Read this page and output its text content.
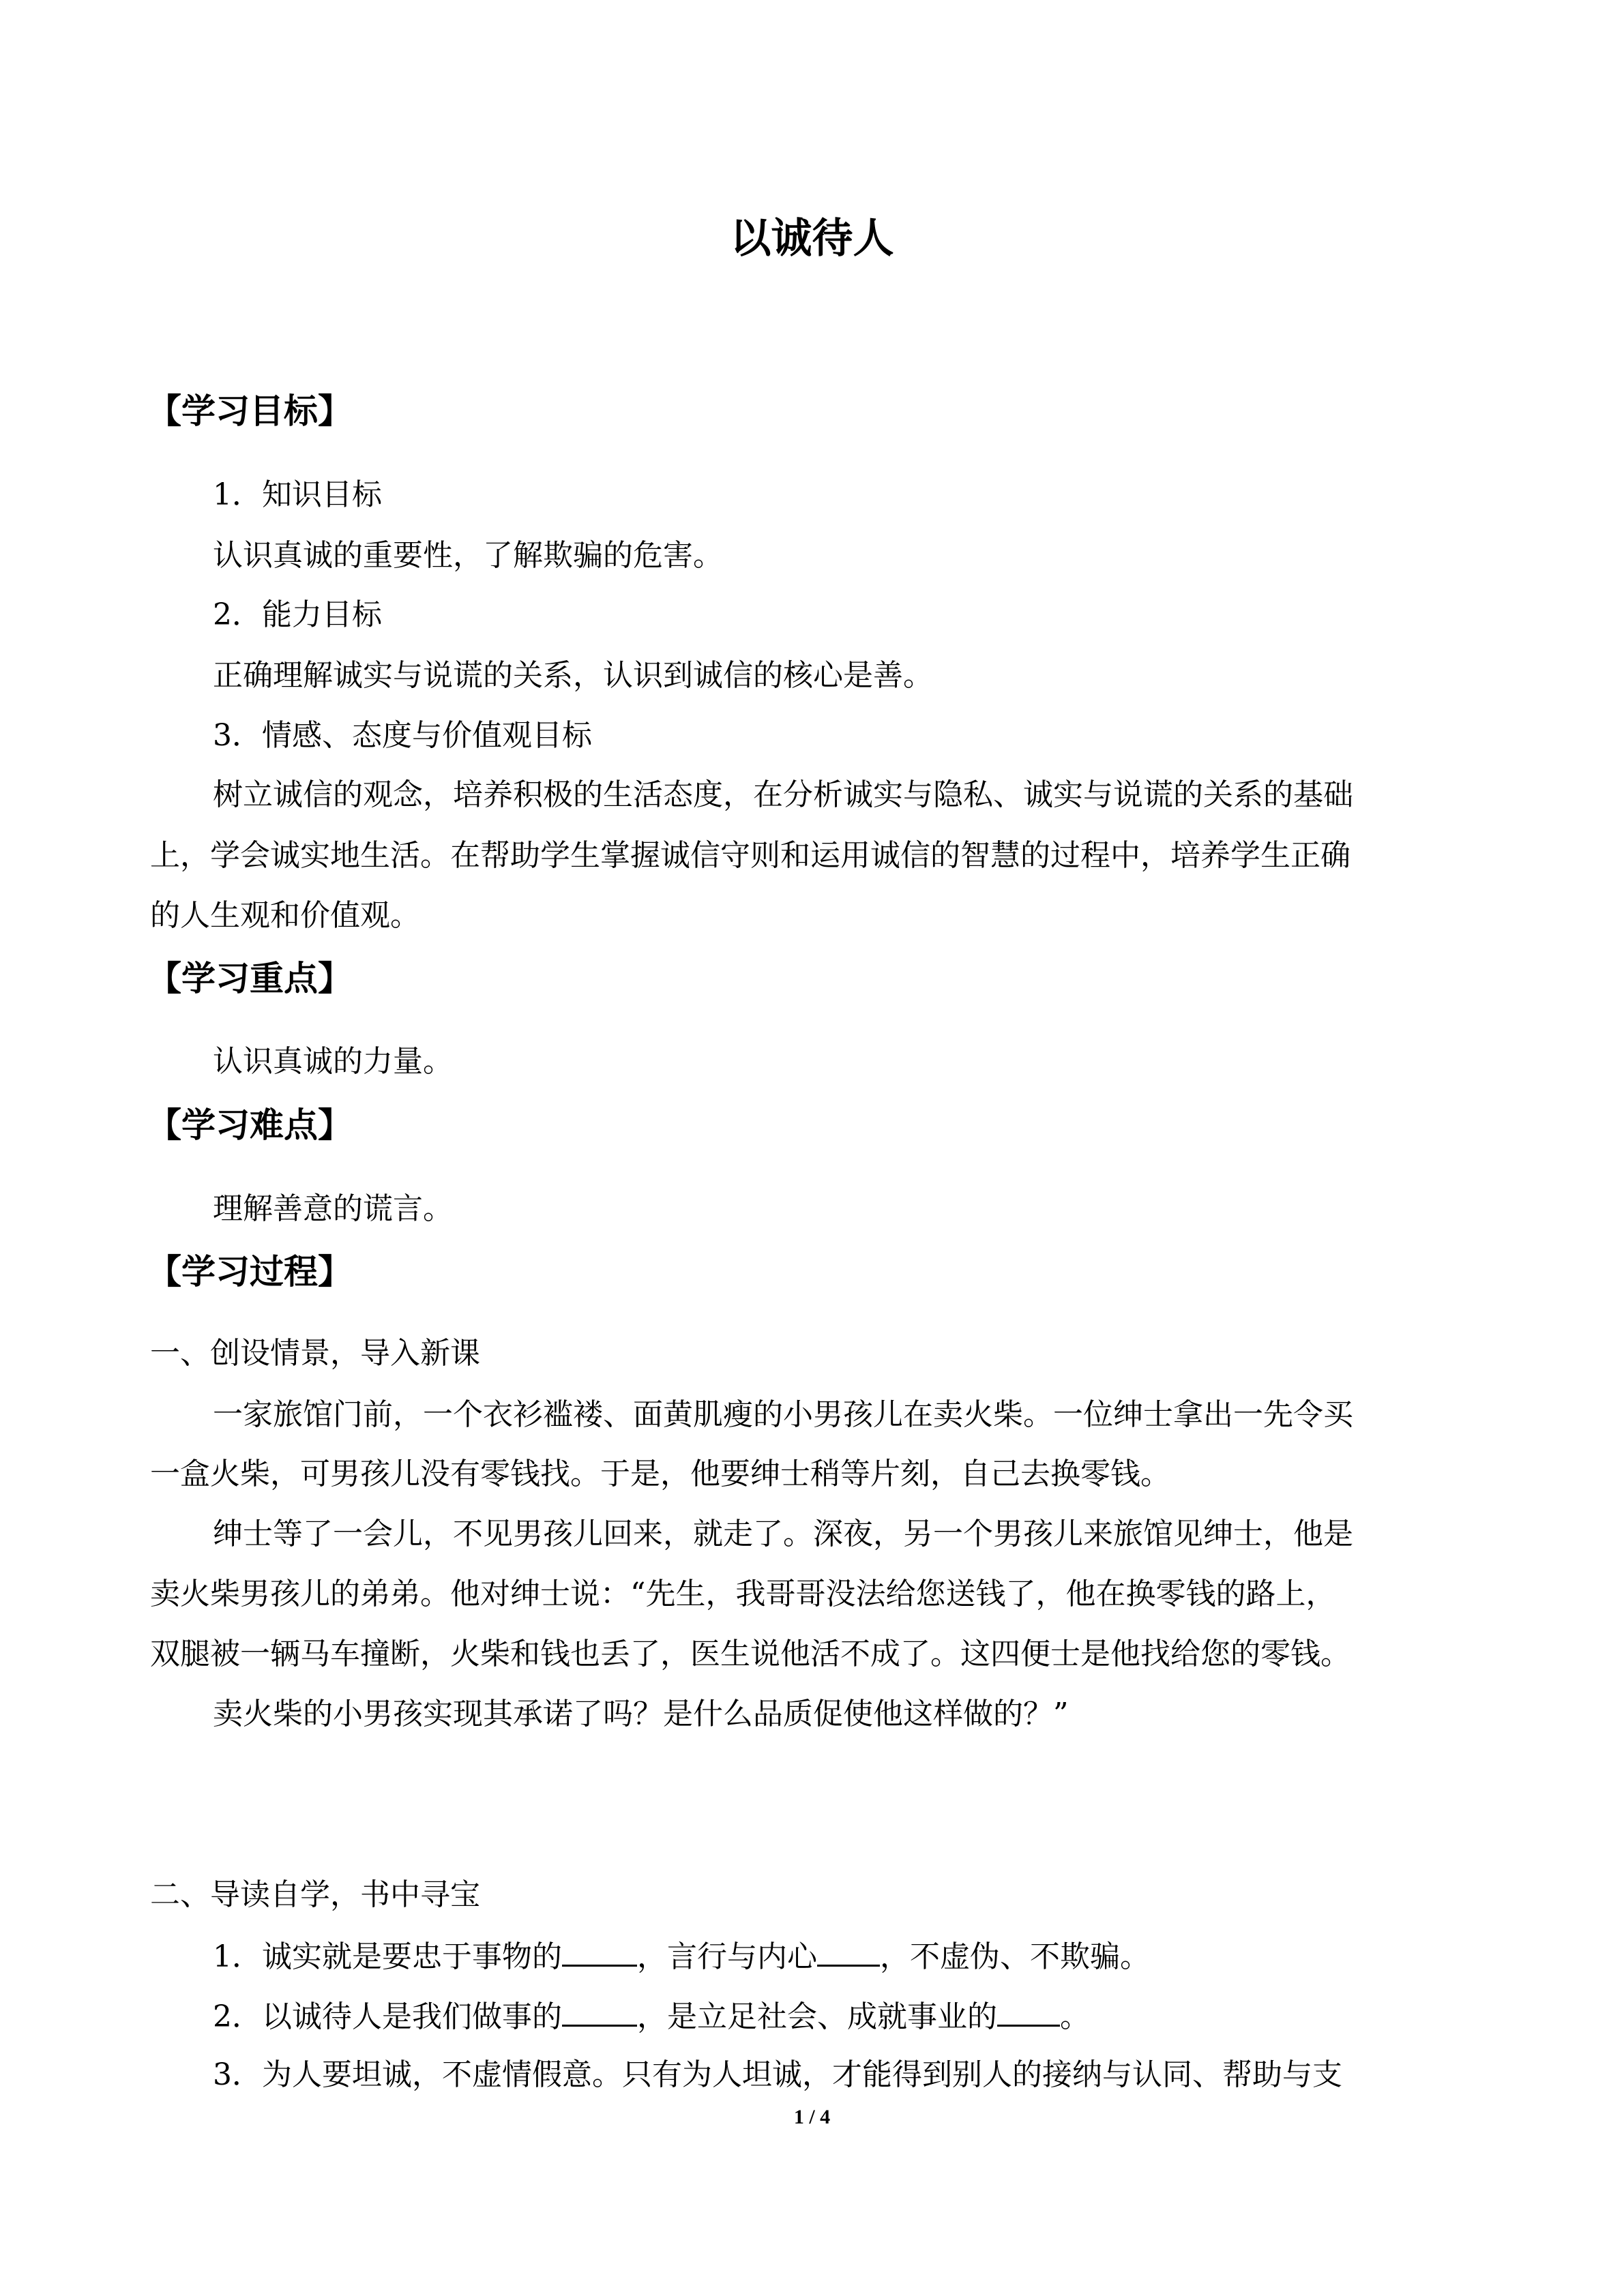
以诚待人
【学习目标】
1．知识目标
认识真诚的重要性，了解欺骗的危害。
2．能力目标
正确理解诚实与说谎的关系，认识到诚信的核心是善。
3．情感、态度与价值观目标
树立诚信的观念，培养积极的生活态度，在分析诚实与隐私、诚实与说谎的关系的基础
上，学会诚实地生活。在帮助学生掌握诚信守则和运用诚信的智慧的过程中，培养学生正确
的人生观和价值观。
【学习重点】
认识真诚的力量。
【学习难点】
理解善意的谎言。
【学习过程】
一、创设情景，导入新课
一家旅馆门前，一个衣衫褴褛、面黄肌瘦的小男孩儿在卖火柴。一位绅士拿出一先令买
一盒火柴，可男孩儿没有零钱找。于是，他要绅士稍等片刻，自己去换零钱。
绅士等了一会儿，不见男孩儿回来，就走了。深夜，另一个男孩儿来旅馆见绅士，他是
卖火柴男孩儿的弟弟。他对绅士说：“先生，我哥哥没法给您送钱了，他在换零钱的路上，
双腿被一辆马车撞断，火柴和钱也丢了，医生说他活不成了。这四便士是他找给您的零钱。
卖火柴的小男孩实现其承诺了吗？是什么品质促使他这样做的？”
二、导读自学，书中寻宝
1．诚实就是要忠于事物的	，言行与内心 ，不虚伪、不欺骗。
2．以诚待人是我们做事的	，是立足社会、成就事业的 。
3．为人要坦诚，不虚情假意。只有为人坦诚，才能得到别人的接纳与认同、帮助与支
1 / 4
